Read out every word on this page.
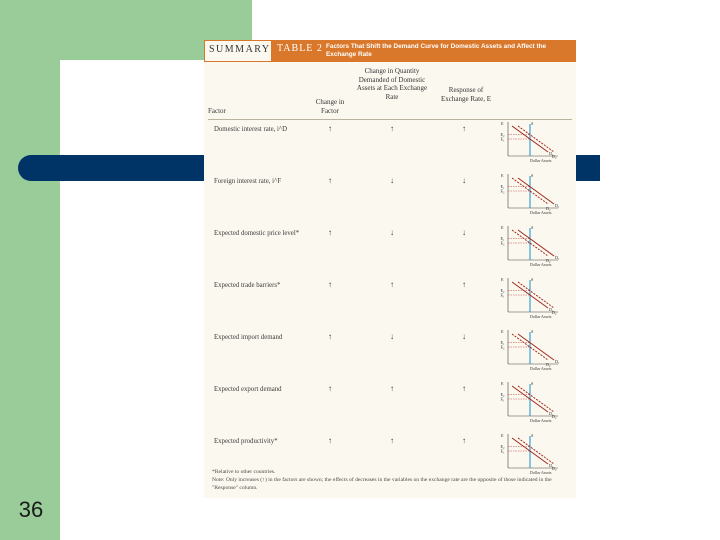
SUMMARY TABLE 2 Factors That Shift the Demand Curve for Domestic Assets and Affect the Exchange Rate
Factor
Change in Factor
Change in Quantity Demanded of Domestic Assets at Each Exchange Rate
Response of Exchange Rate, E
Domestic interest rate, i^D	↑	↑	↑
E
E₁
E₂
S
D₁
D₂
Dollar Assets
Foreign interest rate, i^F	↑	↓	↓
E
E₁
E₂
S
D₁
D₂
Dollar Assets
Expected domestic price level*	↑	↓	↓
E
E₁
E₂
S
D₁
D₂
Dollar Assets
Expected trade barriers*	↑	↑	↑
E
E₁
E₂
S
D₁
D₂
Dollar Assets
Expected import demand	↑	↓	↓
E
E₁
E₂
S
D₁
D₂
Dollar Assets
Expected export demand	↑	↑	↑
E
E₁
E₂
S
D₁
D₂
Dollar Assets
Expected productivity*	↑	↑	↑
E
E₁
E₂
S
D₁
D₂
Dollar Assets
*Relative to other countries.
Note: Only increases (↑) in the factors are shown; the effects of decreases in the variables on the exchange rate are the opposite of those indicated in the "Response" column.
36
